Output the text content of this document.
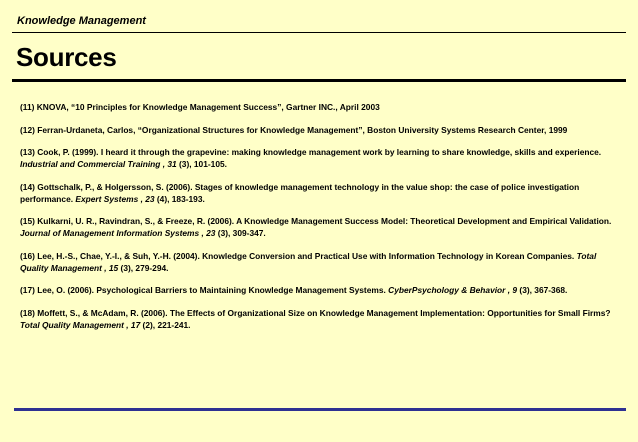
Knowledge Management
Sources

(11) KNOVA, “10 Principles for Knowledge Management Success”, Gartner INC., April 2003

(12) Ferran-Urdaneta, Carlos, “Organizational Structures for Knowledge Management”, Boston University Systems Research Center, 1999

(13) Cook, P. (1999). I heard it through the grapevine: making knowledge management work by learning to share knowledge, skills and experience. Industrial and Commercial Training , 31 (3), 101-105.

(14) Gottschalk, P., & Holgersson, S. (2006). Stages of knowledge management technology in the value shop: the case of police investigation performance. Expert Systems , 23 (4), 183-193.

(15) Kulkarni, U. R., Ravindran, S., & Freeze, R. (2006). A Knowledge Management Success Model: Theoretical Development and Empirical Validation. Journal of Management Information Systems , 23 (3), 309-347.

(16) Lee, H.-S., Chae, Y.-I., & Suh, Y.-H. (2004). Knowledge Conversion and Practical Use with Information Technology in Korean Companies. Total Quality Management , 15 (3), 279-294.

(17) Lee, O. (2006). Psychological Barriers to Maintaining Knowledge Management Systems. CyberPsychology & Behavior , 9 (3), 367-368.

(18) Moffett, S., & McAdam, R. (2006). The Effects of Organizational Size on Knowledge Management Implementation: Opportunities for Small Firms? Total Quality Management , 17 (2), 221-241.
